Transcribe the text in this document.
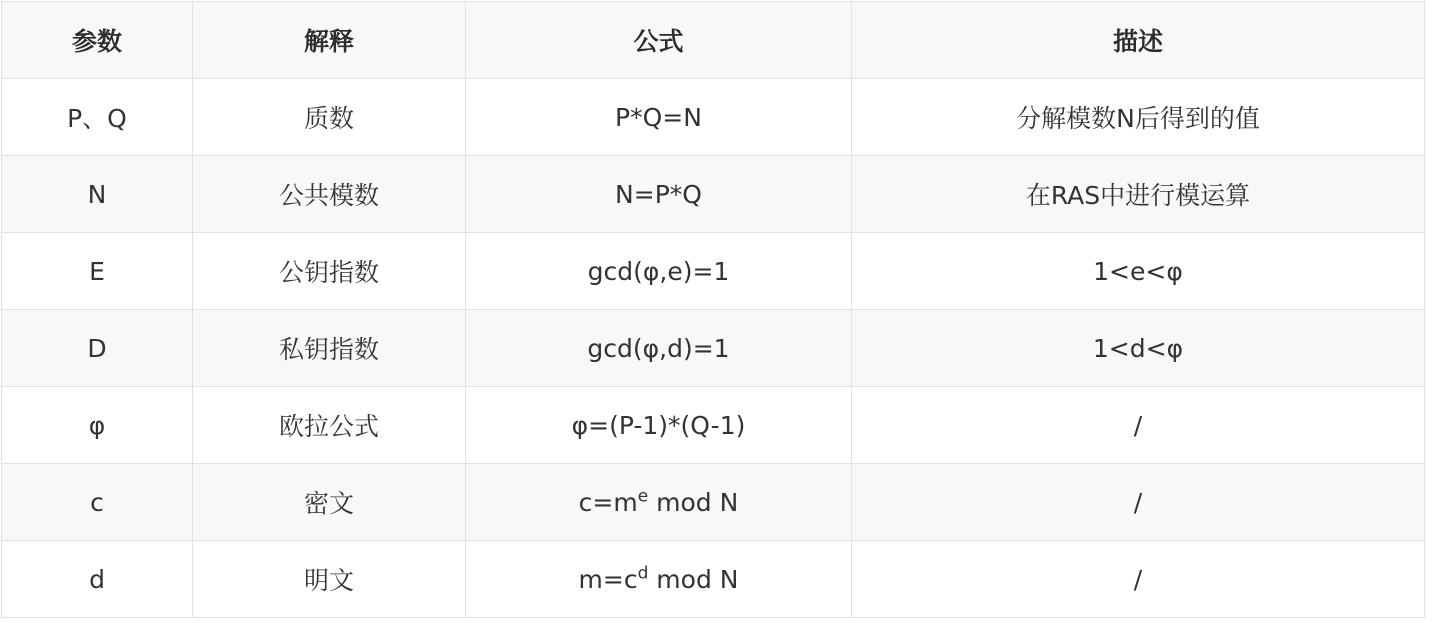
参数	解释	公式	描述
P、Q	质数	P*Q=N	分解模数N后得到的值
N	公共模数	N=P*Q	在RAS中进行模运算
E	公钥指数	gcd(φ,e)=1	1<e<φ
D	私钥指数	gcd(φ,d)=1	1<d<φ
φ	欧拉公式	φ=(P-1)*(Q-1)	/
c	密文	$c=m^e$ mod N	/
d	明文	$m=c^d$ mod N	/
